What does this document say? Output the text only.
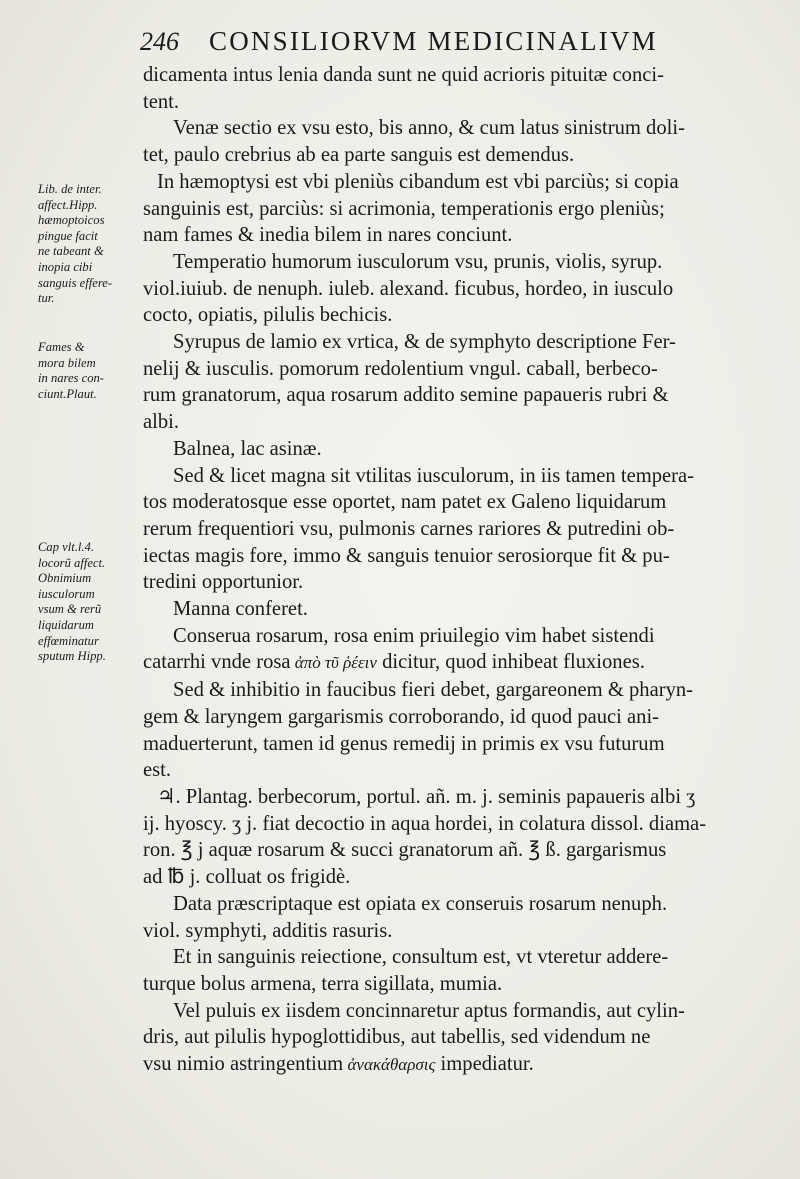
246 CONSILIORVM MEDICINALIVM
Lib. de inter.
affect.Hipp.
hæmoptoicos
pingue facit
ne tabeant &
inopia cibi
sanguis effere-
tur.
Fames &
mora bilem
in nares con-
ciunt.Plaut.
Cap vlt.l.4.
locorũ affect.
Obnimium
iusculorum
vsum & rerũ
liquidarum
effœminatur
sputum Hipp.
dicamenta intus lenia danda sunt ne quid acrioris pituitæ conci-
tent.
Venæ sectio ex vsu esto, bis anno, & cum latus sinistrum doli-
tet, paulo crebrius ab ea parte sanguis est demendus.
In hæmoptysi est vbi pleniùs cibandum est vbi parciùs; si copia
sanguinis est, parciùs: si acrimonia, temperationis ergo pleniùs;
nam fames & inedia bilem in nares conciunt.
Temperatio humorum iusculorum vsu, prunis, violis, syrup.
viol.iuiub. de nenuph. iuleb. alexand. ficubus, hordeo, in iusculo
cocto, opiatis, pilulis bechicis.
Syrupus de lamio ex vrtica, & de symphyto descriptione Fer-
nelij & iusculis. pomorum redolentium vngul. caball, berbeco-
rum granatorum, aqua rosarum addito semine papaueris rubri &
albi.
Balnea, lac asinæ.
Sed & licet magna sit vtilitas iusculorum, in iis tamen tempera-
tos moderatosque esse oportet, nam patet ex Galeno liquidarum
rerum frequentiori vsu, pulmonis carnes rariores & putredini ob-
iectas magis fore, immo & sanguis tenuior serosiorque fit & pu-
tredini opportunior.
Manna conferet.
Conserua rosarum, rosa enim priuilegio vim habet sistendi
catarrhi vnde rosa ἀπὸ τῦ ῥέειν dicitur, quod inhibeat fluxiones.
Sed & inhibitio in faucibus fieri debet, gargareonem & pharyn-
gem & laryngem gargarismis corroborando, id quod pauci ani-
maduerterunt, tamen id genus remedij in primis ex vsu futurum
est.
♃. Plantag. berbecorum, portul. añ. m. j. seminis papaueris albi ʒ
ij. hyoscy. ʒ j. fiat decoctio in aqua hordei, in colatura dissol. diama-
ron. ℥ j aquæ rosarum & succi granatorum añ. ℥ ß. gargarismus
ad ℔ j. colluat os frigidè.
Data præscriptaque est opiata ex conseruis rosarum nenuph.
viol. symphyti, additis rasuris.
Et in sanguinis reiectione, consultum est, vt vteretur addere-
turque bolus armena, terra sigillata, mumia.
Vel puluis ex iisdem concinnaretur aptus formandis, aut cylin-
dris, aut pilulis hypoglottidibus, aut tabellis, sed videndum ne
vsu nimio astringentium ἀνακάθαρσις impediatur.
